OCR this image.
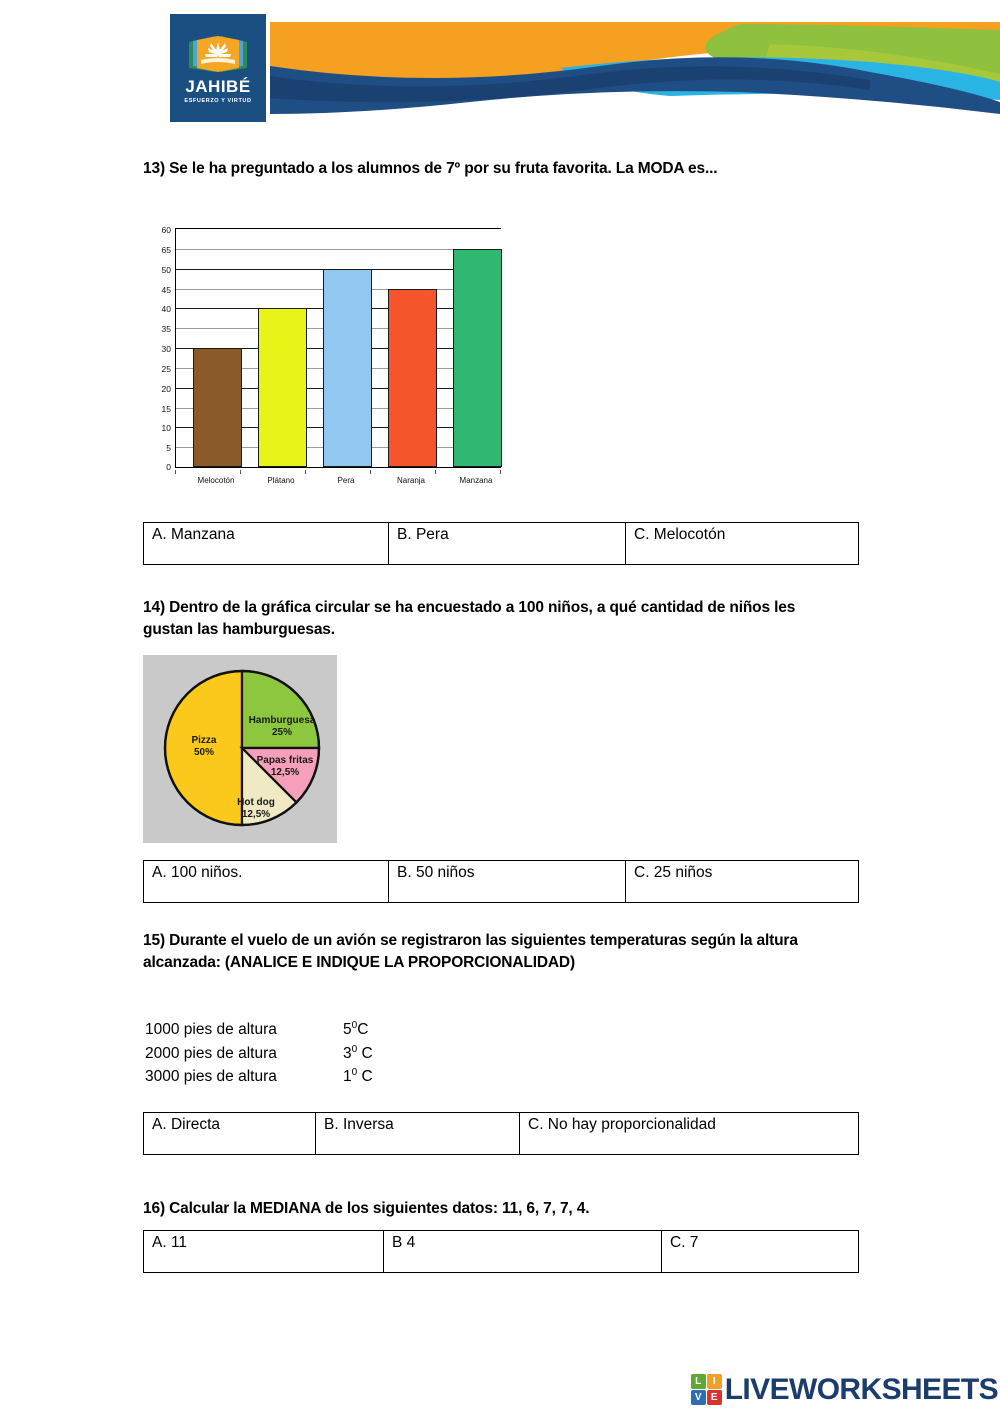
JAHIBÉ
ESFUERZO Y VIRTUD
13) Se le ha preguntado a los alumnos de 7º por su fruta favorita. La MODA es...
60
65
50
45
40
35
30
25
20
15
10
5
0
Melocotón	Plátano	Pera	Naranja	Manzana
A. Manzana	B. Pera	C. Melocotón
14) Dentro de la gráfica circular se ha encuestado a 100 niños, a qué cantidad de niños les gustan las hamburguesas.
Pizza
50%
Hamburguesa
25%
Papas fritas
12,5%
Hot dog
12,5%
A. 100 niños.	B. 50 niños	C. 25 niños
15) Durante el vuelo de un avión se registraron las siguientes temperaturas según la altura alcanzada: (ANALICE E INDIQUE LA PROPORCIONALIDAD)
1000 pies de altura	$5^0C$
2000 pies de altura	$3^0$ C
3000 pies de altura	$1^0$ C
A. Directa	B. Inversa	C. No hay proporcionalidad
16) Calcular la MEDIANA de los siguientes datos: 11, 6, 7, 7, 4.
A. 11	B 4	C. 7
L	I
V E LIVEWORKSHEETS
